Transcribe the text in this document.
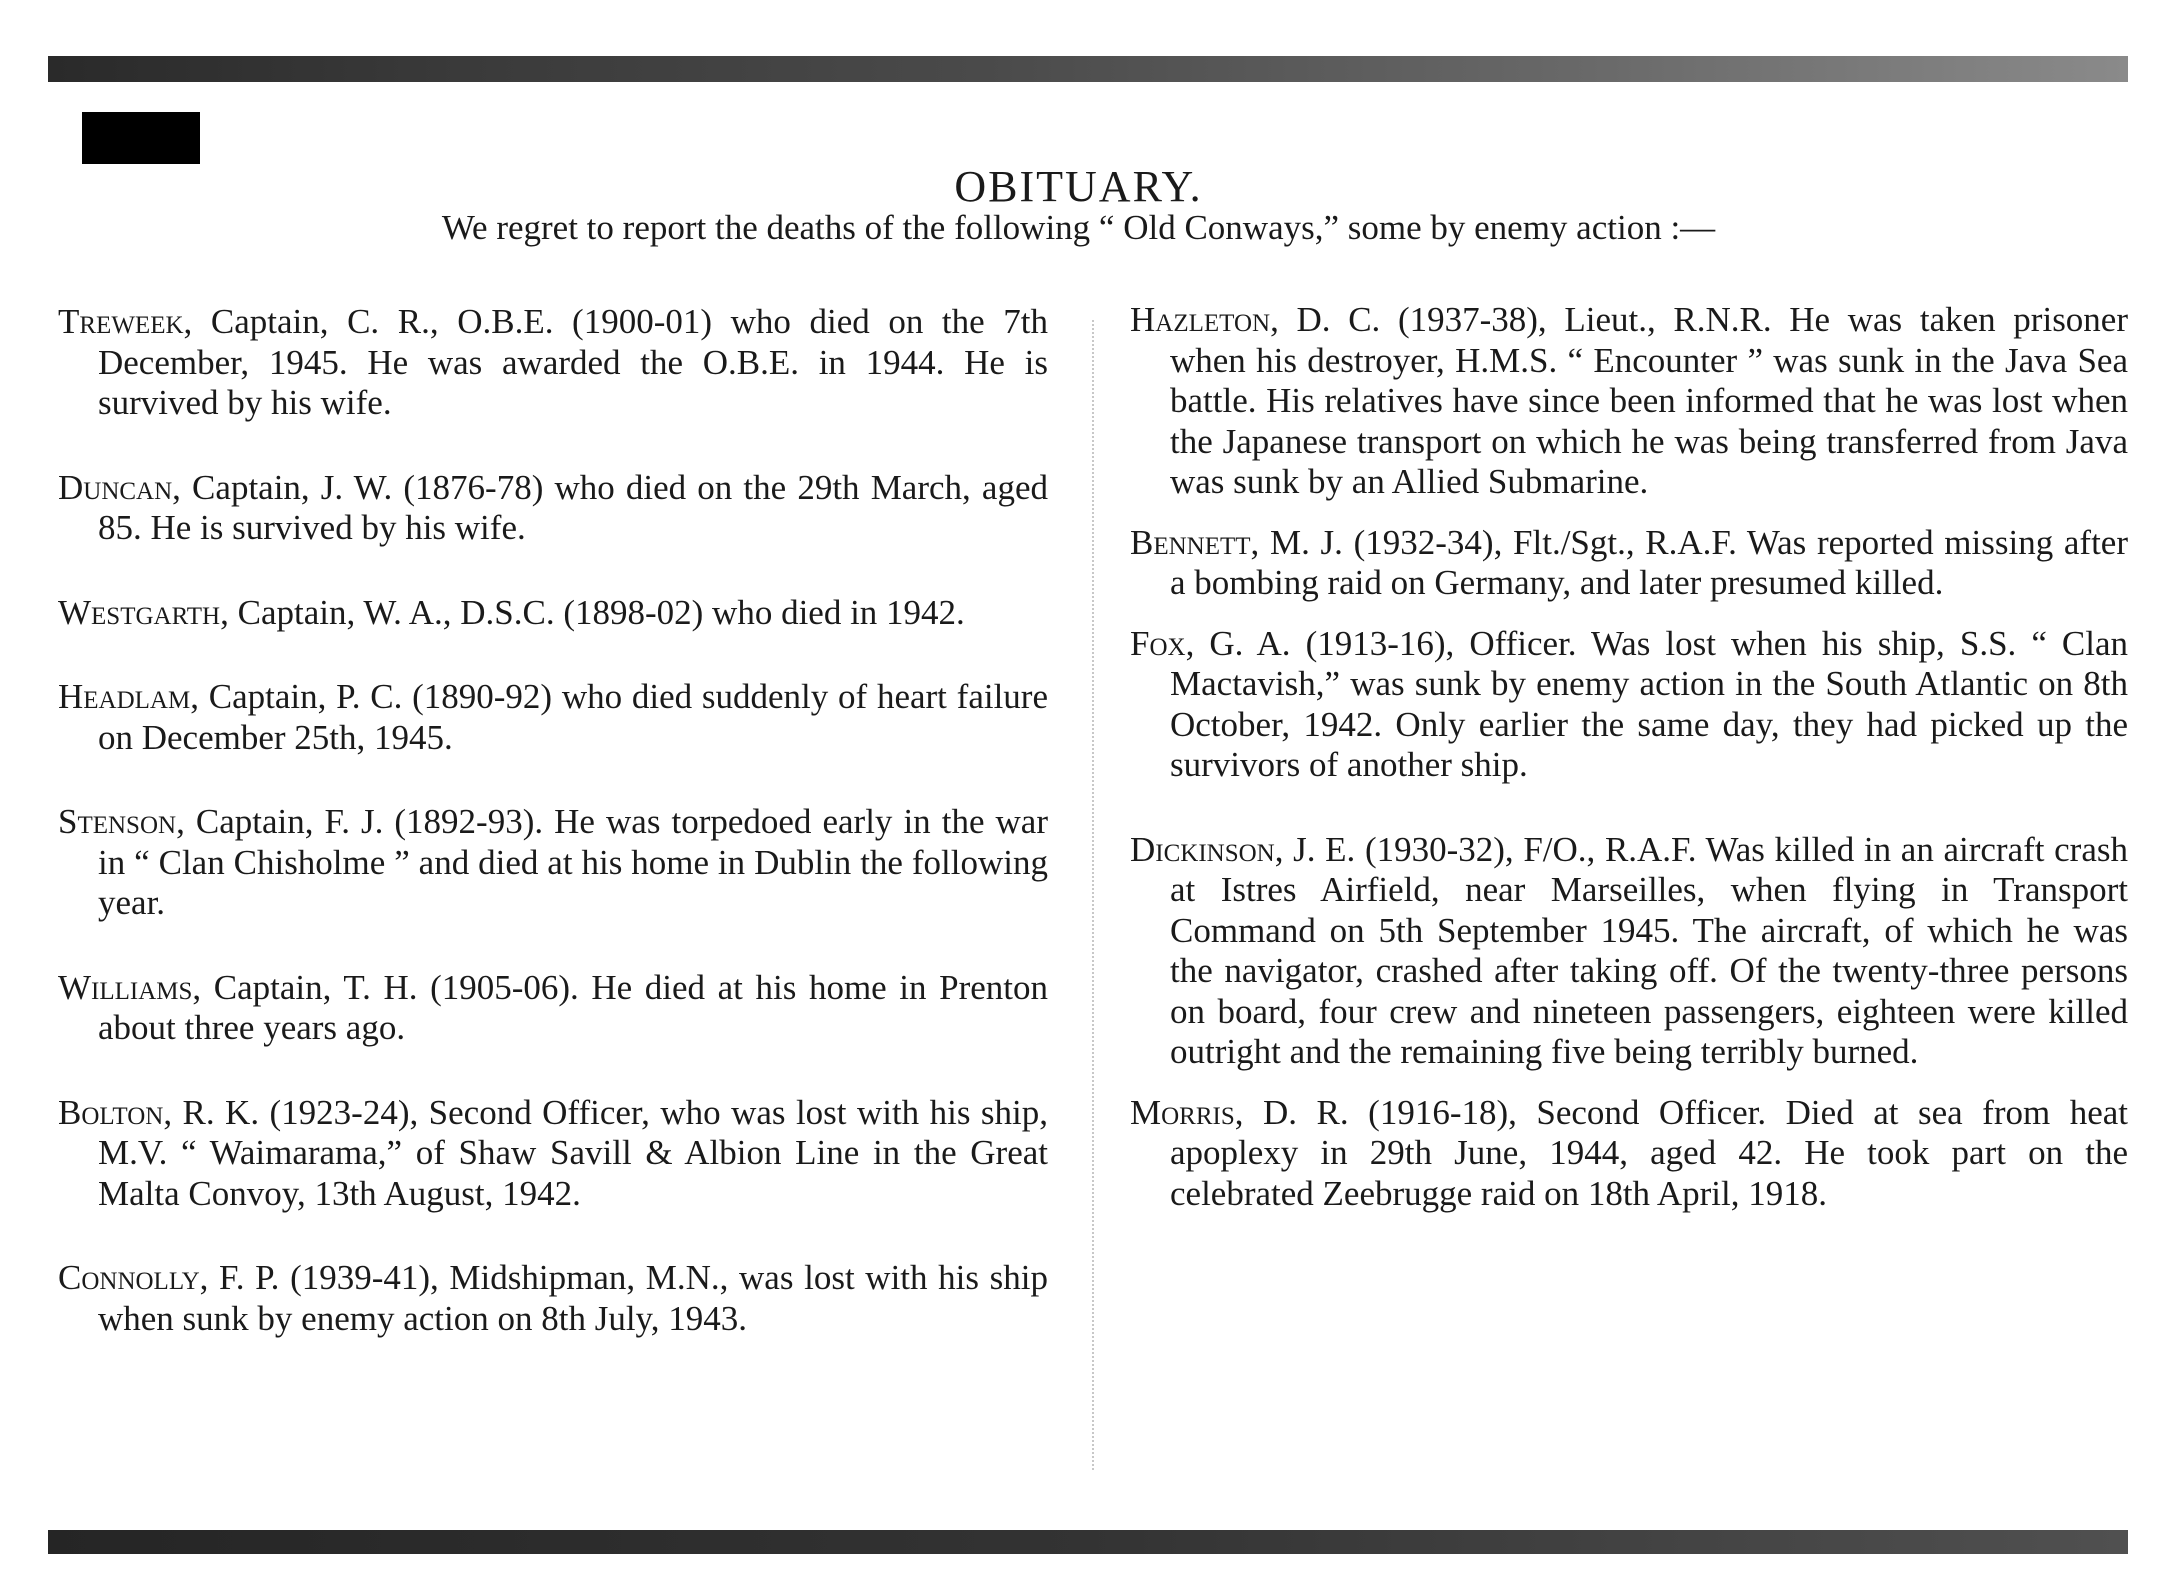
OBITUARY.
We regret to report the deaths of the following “ Old Conways,” some by enemy action :—

Treweek, Captain, C. R., O.B.E. (1900-01) who died on the 7th December, 1945. He was awarded the O.B.E. in 1944. He is survived by his wife.

Duncan, Captain, J. W. (1876-78) who died on the 29th March, aged 85. He is survived by his wife.

Westgarth, Captain, W. A., D.S.C. (1898-02) who died in 1942.

Headlam, Captain, P. C. (1890-92) who died suddenly of heart failure on December 25th, 1945.

Stenson, Captain, F. J. (1892-93). He was torpedoed early in the war in “ Clan Chisholme ” and died at his home in Dublin the following year.

Williams, Captain, T. H. (1905-06). He died at his home in Prenton about three years ago.

Bolton, R. K. (1923-24), Second Officer, who was lost with his ship, M.V. “ Waimarama,” of Shaw Savill & Albion Line in the Great Malta Convoy, 13th August, 1942.

Connolly, F. P. (1939-41), Midshipman, M.N., was lost with his ship when sunk by enemy action on 8th July, 1943.

Hazleton, D. C. (1937-38), Lieut., R.N.R. He was taken prisoner when his destroyer, H.M.S. “ Encounter ” was sunk in the Java Sea battle. His relatives have since been informed that he was lost when the Japanese transport on which he was being transferred from Java was sunk by an Allied Submarine.

Bennett, M. J. (1932-34), Flt./Sgt., R.A.F. Was reported missing after a bombing raid on Germany, and later presumed killed.

Fox, G. A. (1913-16), Officer. Was lost when his ship, S.S. “ Clan Mactavish,” was sunk by enemy action in the South Atlantic on 8th October, 1942. Only earlier the same day, they had picked up the survivors of another ship.

Dickinson, J. E. (1930-32), F/O., R.A.F. Was killed in an aircraft crash at Istres Airfield, near Marseilles, when flying in Transport Command on 5th September 1945. The aircraft, of which he was the navigator, crashed after taking off. Of the twenty-three persons on board, four crew and nineteen passengers, eighteen were killed outright and the remaining five being terribly burned.

Morris, D. R. (1916-18), Second Officer. Died at sea from heat apoplexy in 29th June, 1944, aged 42. He took part on the celebrated Zeebrugge raid on 18th April, 1918.
